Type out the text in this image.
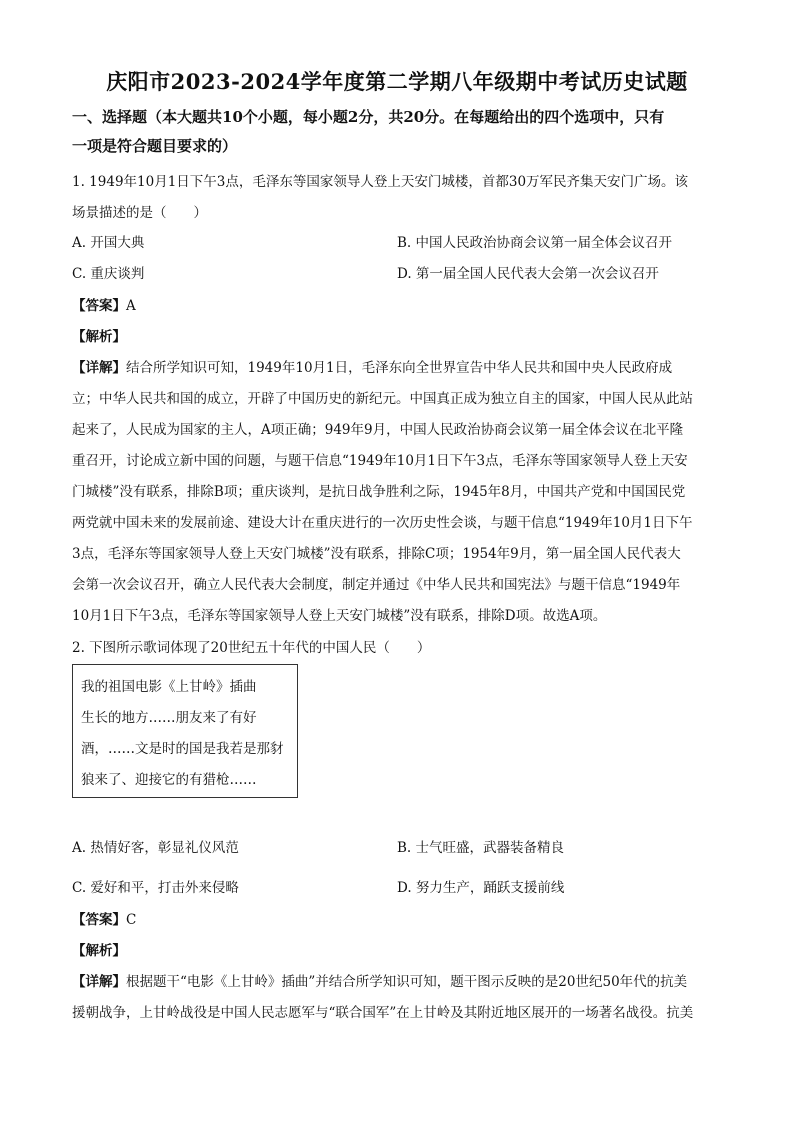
庆阳市2023-2024学年度第二学期八年级期中考试历史试题
一、选择题（本大题共10个小题，每小题2分，共20分。在每题给出的四个选项中，只有
一项是符合题目要求的）
1. 1949年10月1日下午3点，毛泽东等国家领导人登上天安门城楼，首都30万军民齐集天安门广场。该
场景描述的是（　　）
A. 开国大典	B. 中国人民政治协商会议第一届全体会议召开
C. 重庆谈判	D. 第一届全国人民代表大会第一次会议召开
【答案】A
【解析】
【详解】结合所学知识可知，1949年10月1日，毛泽东向全世界宣告中华人民共和国中央人民政府成
立；中华人民共和国的成立，开辟了中国历史的新纪元。中国真正成为独立自主的国家，中国人民从此站
起来了，人民成为国家的主人，A项正确；949年9月，中国人民政治协商会议第一届全体会议在北平隆
重召开，讨论成立新中国的问题，与题干信息“1949年10月1日下午3点，毛泽东等国家领导人登上天安
门城楼”没有联系，排除B项；重庆谈判，是抗日战争胜利之际，1945年8月，中国共产党和中国国民党
两党就中国未来的发展前途、建设大计在重庆进行的一次历史性会谈，与题干信息“1949年10月1日下午
3点，毛泽东等国家领导人登上天安门城楼”没有联系，排除C项；1954年9月，第一届全国人民代表大
会第一次会议召开，确立人民代表大会制度，制定并通过《中华人民共和国宪法》与题干信息“1949年
10月1日下午3点，毛泽东等国家领导人登上天安门城楼”没有联系，排除D项。故选A项。
2. 下图所示歌词体现了20世纪五十年代的中国人民（　　）
我的祖国电影《上甘岭》插曲
生长的地方……朋友来了有好
酒，……文是时的国是我若是那豺
狼来了、迎接它的有猎枪……
A. 热情好客，彰显礼仪风范	B. 士气旺盛，武器装备精良
C. 爱好和平，打击外来侵略	D. 努力生产，踊跃支援前线
【答案】C
【解析】
【详解】根据题干“电影《上甘岭》插曲”并结合所学知识可知，题干图示反映的是20世纪50年代的抗美
援朝战争，上甘岭战役是中国人民志愿军与“联合国军”在上甘岭及其附近地区展开的一场著名战役。抗美
